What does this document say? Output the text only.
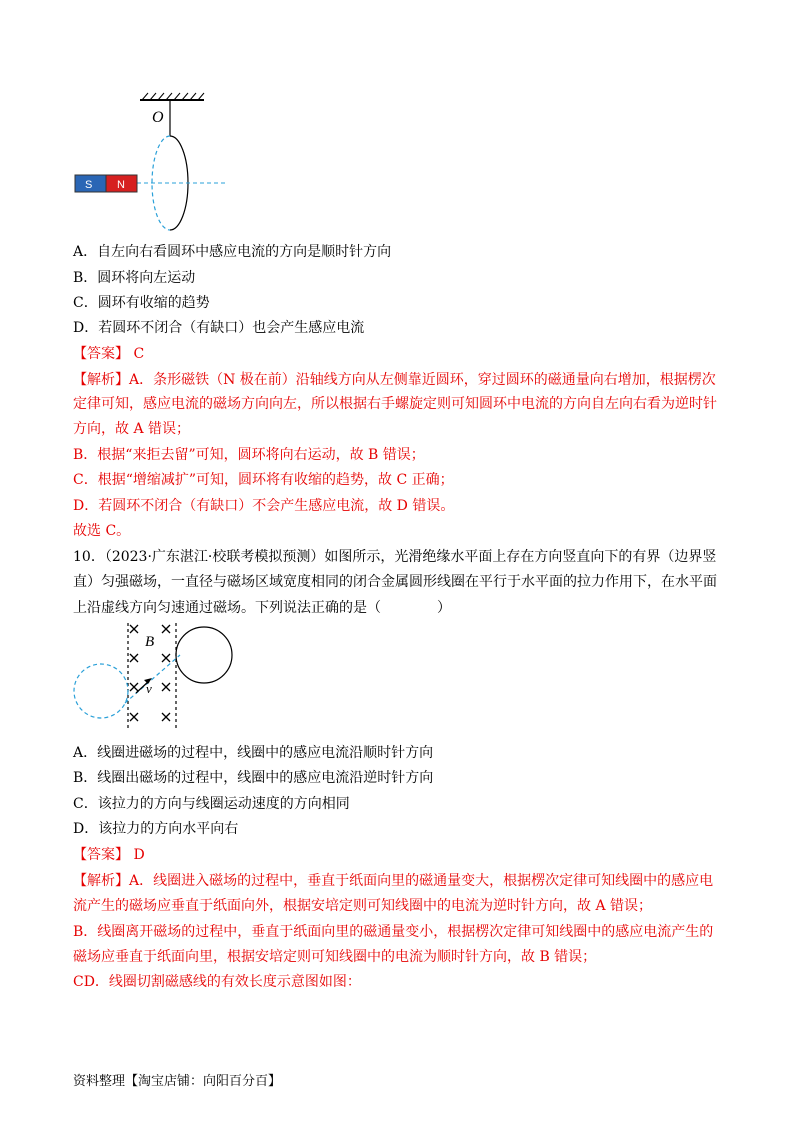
O
S N
A．自左向右看圆环中感应电流的方向是顺时针方向
B．圆环将向左运动
C．圆环有收缩的趋势
D．若圆环不闭合（有缺口）也会产生感应电流
【答案】 C
【解析】A．条形磁铁（N 极在前）沿轴线方向从左侧靠近圆环，穿过圆环的磁通量向右增加，根据楞次
定律可知，感应电流的磁场方向向左，所以根据右手螺旋定则可知圆环中电流的方向自左向右看为逆时针
方向，故 A 错误；
B．根据“来拒去留”可知，圆环将向右运动，故 B 错误；
C．根据“增缩减扩”可知，圆环将有收缩的趋势，故 C 正确；
D．若圆环不闭合（有缺口）不会产生感应电流，故 D 错误。
故选 C。
10．（2023·广东湛江·校联考模拟预测）如图所示，光滑绝缘水平面上存在方向竖直向下的有界（边界竖
直）匀强磁场，一直径与磁场区域宽度相同的闭合金属圆形线圈在平行于水平面的拉力作用下，在水平面
上沿虚线方向匀速通过磁场。下列说法正确的是（　　　　）
B
v
A．线圈进磁场的过程中，线圈中的感应电流沿顺时针方向
B．线圈出磁场的过程中，线圈中的感应电流沿逆时针方向
C．该拉力的方向与线圈运动速度的方向相同
D．该拉力的方向水平向右
【答案】 D
【解析】A．线圈进入磁场的过程中，垂直于纸面向里的磁通量变大，根据楞次定律可知线圈中的感应电
流产生的磁场应垂直于纸面向外，根据安培定则可知线圈中的电流为逆时针方向，故 A 错误；
B．线圈离开磁场的过程中，垂直于纸面向里的磁通量变小，根据楞次定律可知线圈中的感应电流产生的
磁场应垂直于纸面向里，根据安培定则可知线圈中的电流为顺时针方向，故 B 错误；
CD．线圈切割磁感线的有效长度示意图如图：
资料整理【淘宝店铺：向阳百分百】
